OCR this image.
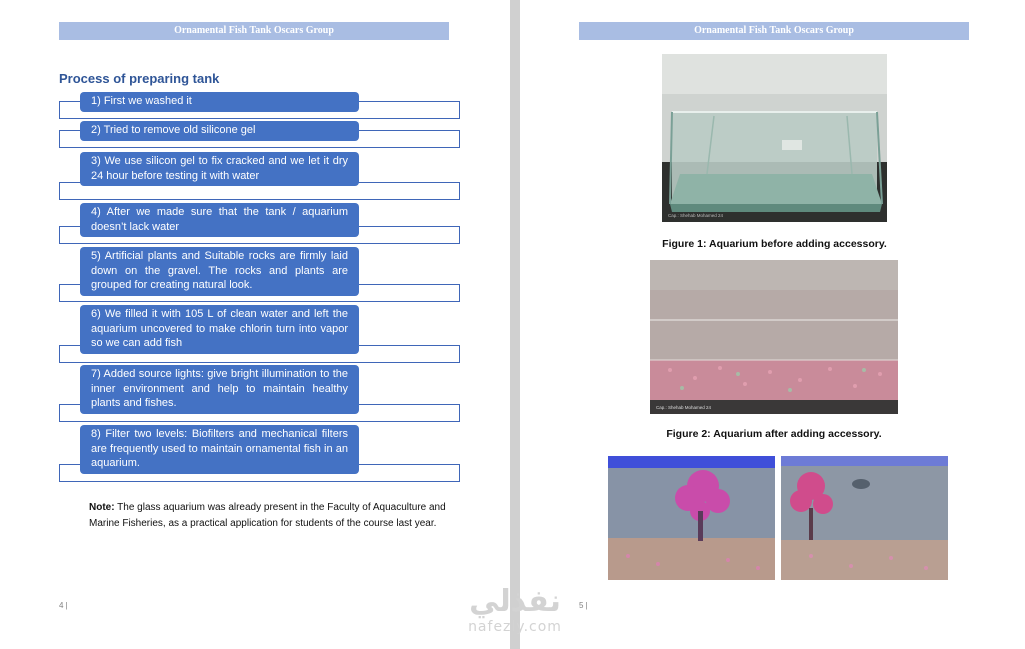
Ornamental Fish Tank Oscars Group
Process of preparing tank
1) First we washed it
2) Tried to remove old silicone gel
3) We use silicon gel to fix cracked and we let it dry 24 hour before testing it with water
4) After we made sure that the tank / aquarium doesn’t lack water
5) Artificial plants and Suitable rocks are firmly laid down on the gravel. The rocks and plants are grouped for creating natural look.
6) We filled it with 105 L of clean water and left the aquarium uncovered to make chlorin turn into vapor so we can add fish
7) Added source lights: give bright illumination to the inner environment and help to maintain healthy plants and fishes.
8) Filter two levels: Biofilters and mechanical filters are frequently used to maintain ornamental fish in an aquarium.

Note: The glass aquarium was already present in the Faculty of Aquaculture and Marine Fisheries, as a practical application for students of the course last year.

4 |
Ornamental Fish Tank Oscars Group
Cap.: Shehab Mohamed 24

Figure 1: Aquarium before adding accessory.

Cap.: Shehab Mohamed 24

Figure 2: Aquarium after adding accessory.

5 |
نفذلي
nafezly.com
